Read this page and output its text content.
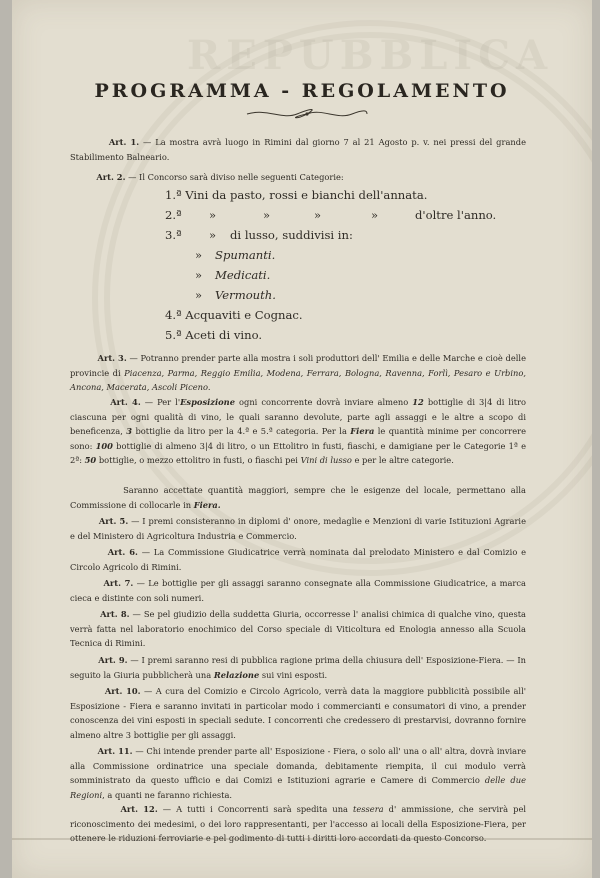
REPUBBLICA
PROGRAMMA - REGOLAMENTO
Art. 1. — La mostra avrà luogo in Rimini dal giorno 7 al 21 Agosto p. v. nei pressi del grande Stabilimento Balneario.
Art. 2. — Il Concorso sarà diviso nelle seguenti Categorie:
1.ª Vini da pasto, rossi e bianchi dell'annata.
2.ª »	»	»	»	d'oltre l'anno.
3.ª » di lusso, suddivisi in:
» Spumanti.
» Medicati.
» Vermouth.
4.ª Acquaviti e Cognac.
5.ª Aceti di vino.
Art. 3. — Potranno prender parte alla mostra i soli produttori dell' Emilia e delle Marche e cioè delle provincie di Piacenza, Parma, Reggio Emilia, Modena, Ferrara, Bologna, Ravenna, Forlì, Pesaro e Urbino, Ancona, Macerata, Ascoli Piceno.
Art. 4. — Per l'Esposizione ogni concorrente dovrà inviare almeno 12 bottiglie di 3|4 di litro ciascuna per ogni qualità di vino, le quali saranno devolute, parte agli assaggi e le altre a scopo di beneficenza, 3 bottiglie da litro per la 4.ª e 5.ª categoria. Per la Fiera le quantità minime per concorrere sono: 100 bottiglie di almeno 3|4 di litro, o un Ettolitro in fusti, fiaschi, e damigiane per le Categorie 1ª e 2ª: 50 bottiglie, o mezzo ettolitro in fusti, o fiaschi pei Vini di lusso e per le altre categorie.
Saranno accettate quantità maggiori, sempre che le esigenze del locale, permettano alla Commissione di collocarle in Fiera.
Art. 5. — I premi consisteranno in diplomi d' onore, medaglie e Menzioni di varie Istituzioni Agrarie e del Ministero di Agricoltura Industria e Commercio.
Art. 6. — La Commissione Giudicatrice verrà nominata dal prelodato Ministero e dal Comizio e Circolo Agricolo di Rimini.
Art. 7. — Le bottiglie per gli assaggi saranno consegnate alla Commissione Giudicatrice, a marca cieca e distinte con soli numeri.
Art. 8. — Se pel giudizio della suddetta Giuria, occorresse l' analisi chimica di qualche vino, questa verrà fatta nel laboratorio enochimico del Corso speciale di Viticoltura ed Enologia annesso alla Scuola Tecnica di Rimini.
Art. 9. — I premi saranno resi di pubblica ragione prima della chiusura dell' Esposizione-Fiera. — In seguito la Giuria pubblicherà una Relazione sui vini esposti.
Art. 10. — A cura del Comizio e Circolo Agricolo, verrà data la maggiore pubblicità possibile all' Esposizione - Fiera e saranno invitati in particolar modo i commercianti e consumatori di vino, a prender conoscenza dei vini esposti in speciali sedute. I concorrenti che credessero di prestarvisi, dovranno fornire almeno altre 3 bottiglie per gli assaggi.
Art. 11. — Chi intende prender parte all' Esposizione - Fiera, o solo all' una o all' altra, dovrà inviare alla Commissione ordinatrice una speciale domanda, debitamente riempita, il cui modulo verrà somministrato da questo ufficio e dai Comizi e Istituzioni agrarie e Camere di Commercio delle due Regioni, a quanti ne faranno richiesta.
Art. 12. — A tutti i Concorrenti sarà spedita una tessera d' ammissione, che servirà pel riconoscimento dei medesimi, o dei loro rappresentanti, per l'accesso ai locali della Esposizione-Fiera, per ottenere le riduzioni ferroviarie e pel godimento di tutti i diritti loro accordati da questo Concorso.
